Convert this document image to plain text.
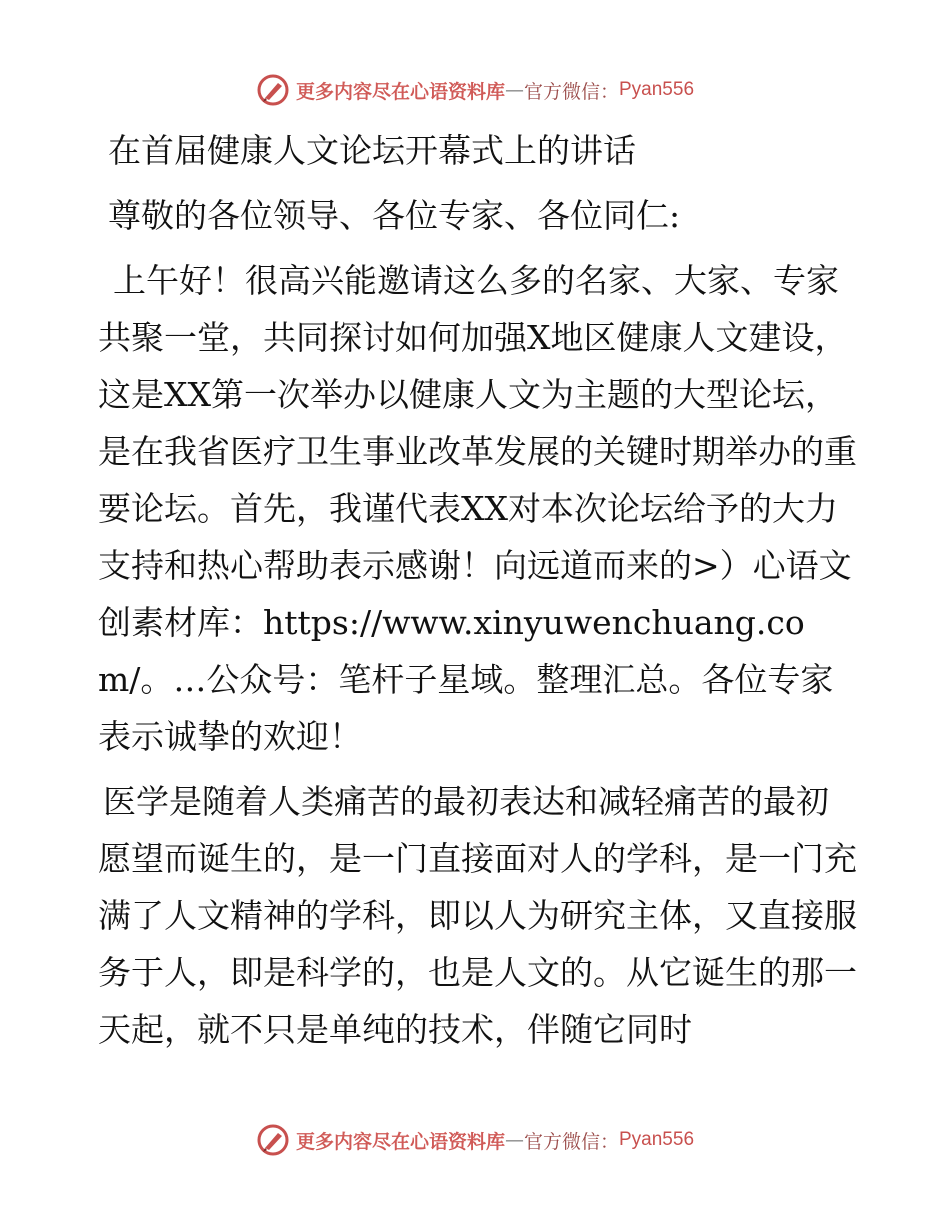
更多内容尽在心语资料库 — 官方微信： Pyan556

在首届健康人文论坛开幕式上的讲话

尊敬的各位领导、各位专家、各位同仁:

上午好！很高兴能邀请这么多的名家、大家、专家共聚一堂，共同探讨如何加强X地区健康人文建设，这是XX第一次举办以健康人文为主题的大型论坛，是在我省医疗卫生事业改革发展的关键时期举办的重要论坛。首先，我谨代表XX对本次论坛给予的大力支持和热心帮助表示感谢！向远道而来的>）心语文创素材库：https://www.xinyuwenchuang.com/。…公众号：笔杆子星域。整理汇总。各位专家表示诚挚的欢迎！

医学是随着人类痛苦的最初表达和减轻痛苦的最初愿望而诞生的，是一门直接面对人的学科，是一门充满了人文精神的学科，即以人为研究主体，又直接服务于人，即是科学的，也是人文的。从它诞生的那一天起，就不只是单纯的技术，伴随它同时

更多内容尽在心语资料库 — 官方微信： Pyan556
